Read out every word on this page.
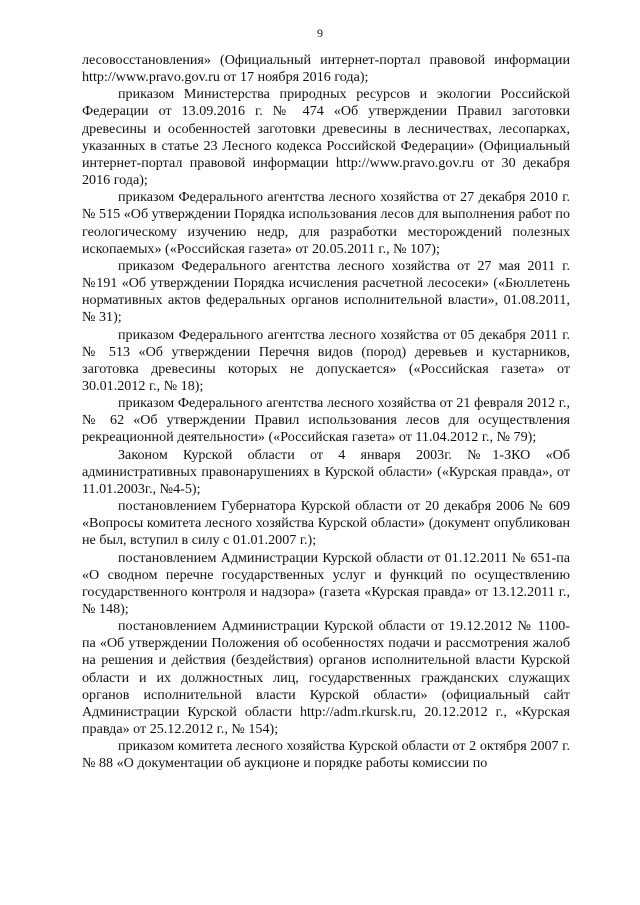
9

лесовосстановления» (Официальный интернет-портал правовой информации http://www.pravo.gov.ru от 17 ноября 2016 года);

приказом Министерства природных ресурсов и экологии Российской Федерации от 13.09.2016 г. № 474 «Об утверждении Правил заготовки древесины и особенностей заготовки древесины в лесничествах, лесопарках, указанных в статье 23 Лесного кодекса Российской Федерации» (Официальный интернет-портал правовой информации http://www.pravo.gov.ru от 30 декабря 2016 года);

приказом Федерального агентства лесного хозяйства от 27 декабря 2010 г. № 515 «Об утверждении Порядка использования лесов для выполнения работ по геологическому изучению недр, для разработки месторождений полезных ископаемых» («Российская газета» от 20.05.2011 г., № 107);

приказом Федерального агентства лесного хозяйства от 27 мая 2011 г. №191 «Об утверждении Порядка исчисления расчетной лесосеки» («Бюллетень нормативных актов федеральных органов исполнительной власти», 01.08.2011, № 31);

приказом Федерального агентства лесного хозяйства от 05 декабря 2011 г. № 513 «Об утверждении Перечня видов (пород) деревьев и кустарников, заготовка древесины которых не допускается» («Российская газета» от 30.01.2012 г., № 18);

приказом Федерального агентства лесного хозяйства от 21 февраля 2012 г., № 62 «Об утверждении Правил использования лесов для осуществления рекреационной деятельности» («Российская газета» от 11.04.2012 г., № 79);

Законом Курской области от 4 января 2003г. №1-ЗКО «Об административных правонарушениях в Курской области» («Курская правда», от 11.01.2003г., №4-5);

постановлением Губернатора Курской области от 20 декабря 2006 № 609 «Вопросы комитета лесного хозяйства Курской области» (документ опубликован не был, вступил в силу с 01.01.2007 г.);

постановлением Администрации Курской области от 01.12.2011 № 651-па «О сводном перечне государственных услуг и функций по осуществлению государственного контроля и надзора» (газета «Курская правда» от 13.12.2011 г., № 148);

постановлением Администрации Курской области от 19.12.2012 № 1100-па «Об утверждении Положения об особенностях подачи и рассмотрения жалоб на решения и действия (бездействия) органов исполнительной власти Курской области и их должностных лиц, государственных гражданских служащих органов исполнительной власти Курской области» (официальный сайт Администрации Курской области http://adm.rkursk.ru, 20.12.2012 г., «Курская правда» от 25.12.2012 г., № 154);

приказом комитета лесного хозяйства Курской области от 2 октября 2007 г. № 88 «О документации об аукционе и порядке работы комиссии по
